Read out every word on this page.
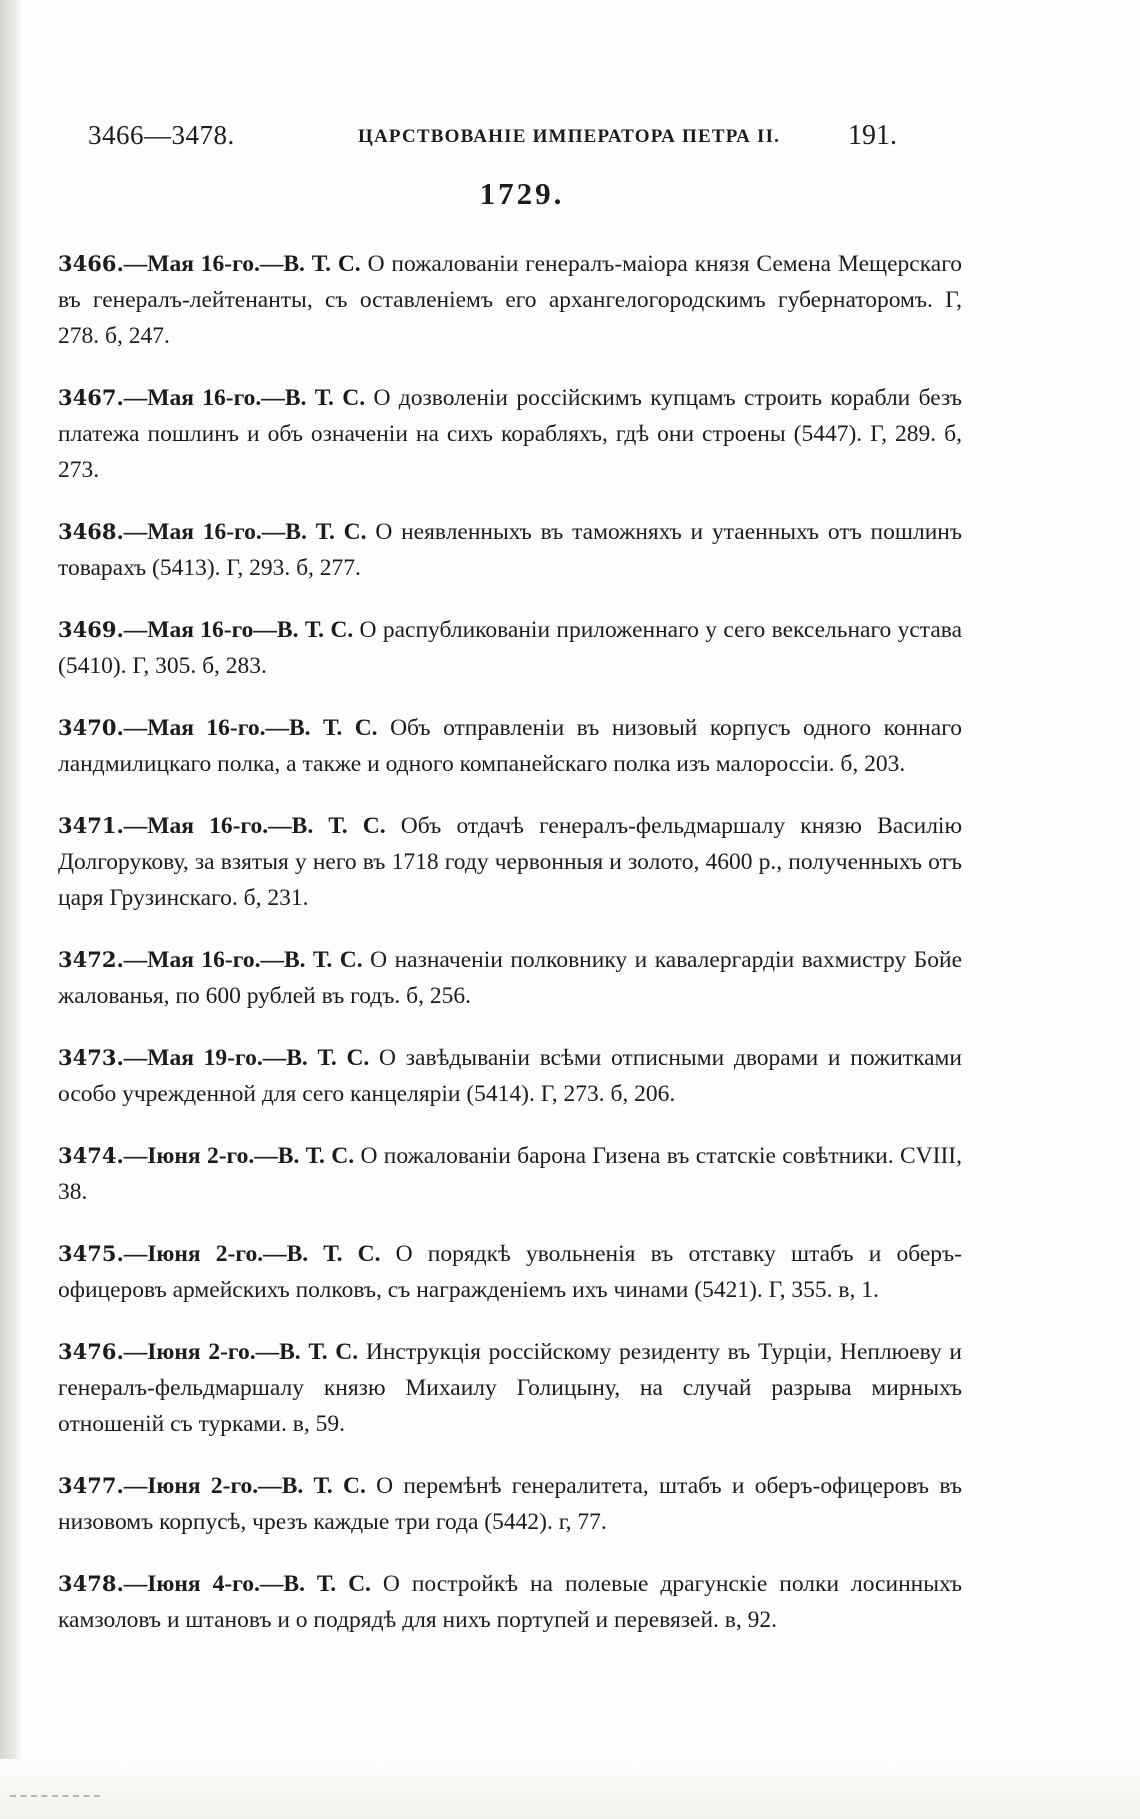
3466—3478.	ЦАРСТВОВАНІЕ ИМПЕРАТОРА ПЕТРА II. 191.
1729.

3466.—Мая 16-го.—В. Т. С. О пожалованіи генералъ-маіора князя Семена Мещерскаго въ генералъ-лейтенанты, съ оставленіемъ его архангелогородскимъ губернаторомъ. Г, 278. б, 247.

3467.—Мая 16-го.—В. Т. С. О дозволеніи россійскимъ купцамъ строить корабли безъ платежа пошлинъ и объ означеніи на сихъ корабляхъ, гдѣ они строены (5447). Г, 289. б, 273.

3468.—Мая 16-го.—В. Т. С. О неявленныхъ въ таможняхъ и утаенныхъ отъ пошлинъ товарахъ (5413). Г, 293. б, 277.

3469.—Мая 16-го—В. Т. С. О распубликованіи приложеннаго у сего вексельнаго устава (5410). Г, 305. б, 283.

3470.—Мая 16-го.—В. Т. С. Объ отправленіи въ низовый корпусъ одного коннаго ландмилицкаго полка, а также и одного компанейскаго полка изъ малороссіи. б, 203.

3471.—Мая 16-го.—В. Т. С. Объ отдачѣ генералъ-фельдмаршалу князю Василію Долгорукову, за взятыя у него въ 1718 году червонныя и золото, 4600 р., полученныхъ отъ царя Грузинскаго. б, 231.

3472.—Мая 16-го.—В. Т. С. О назначеніи полковнику и кавалергардіи вахмистру Бойе жалованья, по 600 рублей въ годъ. б, 256.

3473.—Мая 19-го.—В. Т. С. О завѣдываніи всѣми отписными дворами и пожитками особо учрежденной для сего канцеляріи (5414). Г, 273. б, 206.

3474.—Іюня 2-го.—В. Т. С. О пожалованіи барона Гизена въ статскіе совѣтники. CVIII, 38.

3475.—Іюня 2-го.—В. Т. С. О порядкѣ увольненія въ отставку штабъ и оберъ-офицеровъ армейскихъ полковъ, съ награжденіемъ ихъ чинами (5421). Г, 355. в, 1.

3476.—Іюня 2-го.—В. Т. С. Инструкція россійскому резиденту въ Турціи, Неплюеву и генералъ-фельдмаршалу князю Михаилу Голицыну, на случай разрыва мирныхъ отношеній съ турками. в, 59.

3477.—Іюня 2-го.—В. Т. С. О перемѣнѣ генералитета, штабъ и оберъ-офицеровъ въ низовомъ корпусѣ, чрезъ каждые три года (5442). г, 77.

3478.—Іюня 4-го.—В. Т. С. О постройкѣ на полевые драгунскіе полки лосинныхъ камзоловъ и штановъ и о подрядѣ для нихъ портупей и перевязей. в, 92.
